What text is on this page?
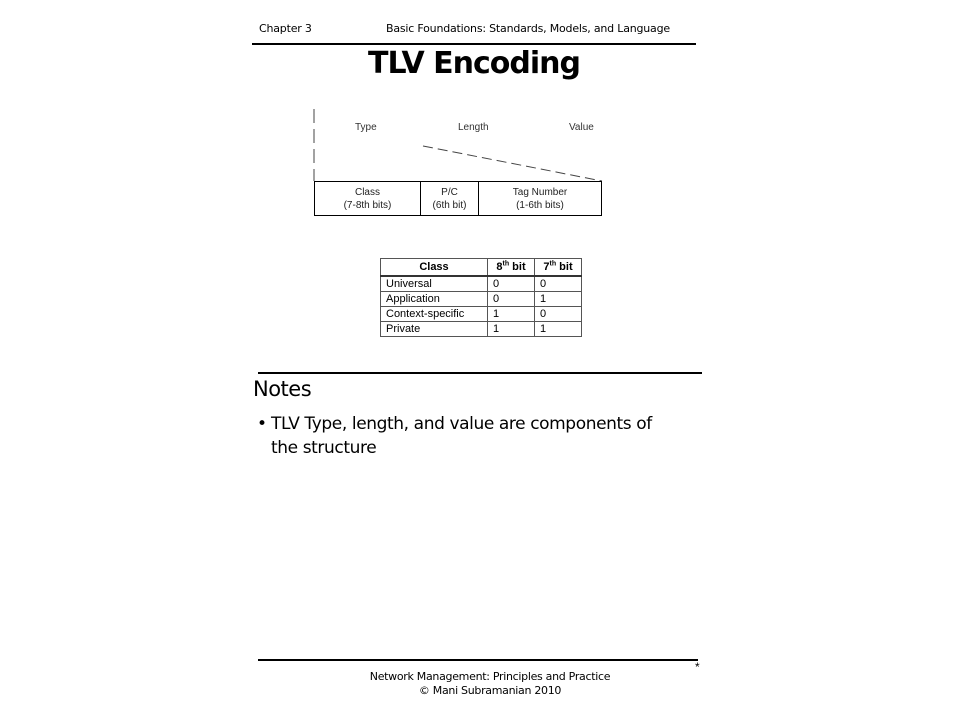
Chapter 3	Basic Foundations: Standards, Models, and Language
TLV Encoding
Type	Length	Value
Class
(7-8th bits)
P/C
(6th bit)
Tag Number
(1-6th bits)
Class	8th bit	7th bit
Universal	0	0
Application	0	1
Context-specific	1	0
Private	1	1
Notes
• TLV Type, length, and value are components of the structure
*
Network Management: Principles and Practice
© Mani Subramanian 2010
